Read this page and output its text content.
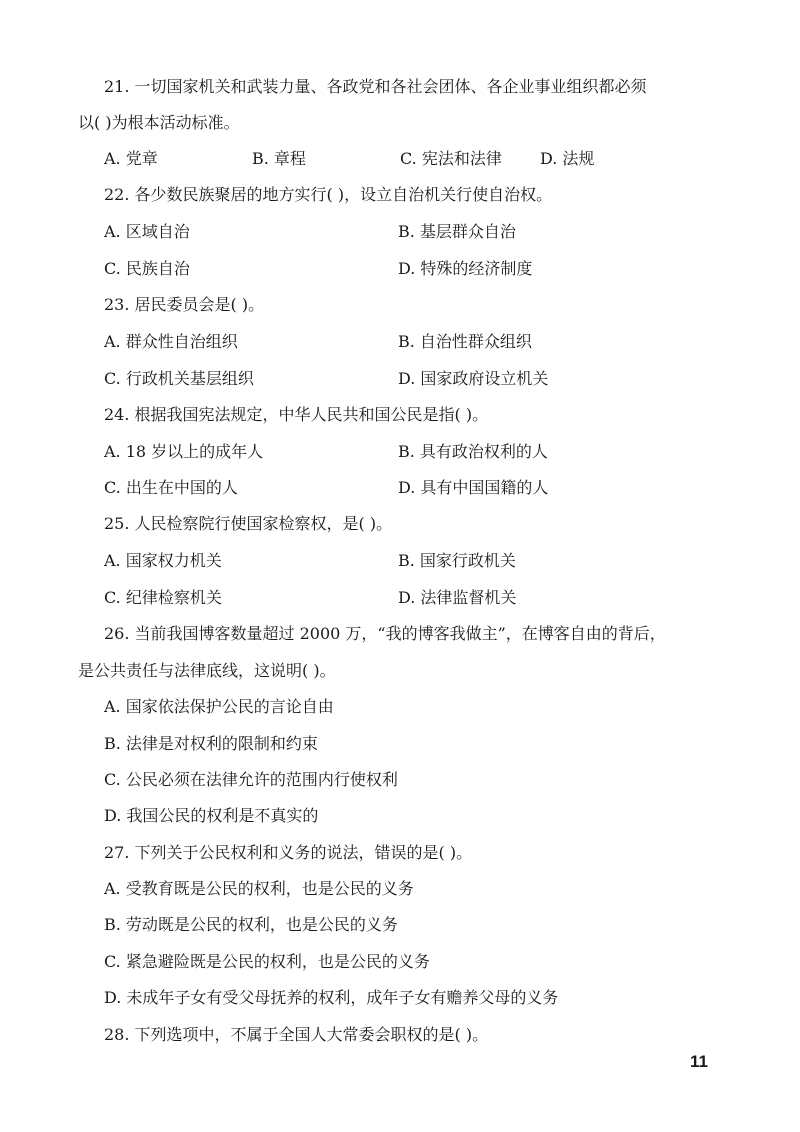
21. 一切国家机关和武装力量、各政党和各社会团体、各企业事业组织都必须
以( )为根本活动标准。
A. 党章	B. 章程	C. 宪法和法律 D. 法规
22. 各少数民族聚居的地方实行( )，设立自治机关行使自治权。
A. 区域自治	B. 基层群众自治
C. 民族自治	D. 特殊的经济制度
23. 居民委员会是( )。
A. 群众性自治组织	B. 自治性群众组织
C. 行政机关基层组织	D. 国家政府设立机关
24. 根据我国宪法规定，中华人民共和国公民是指( )。
A. 18 岁以上的成年人	B. 具有政治权利的人
C. 出生在中国的人	D. 具有中国国籍的人
25. 人民检察院行使国家检察权，是( )。
A. 国家权力机关	B. 国家行政机关
C. 纪律检察机关	D. 法律监督机关
26. 当前我国博客数量超过 2000 万，“我的博客我做主”，在博客自由的背后，
是公共责任与法律底线，这说明( )。
A. 国家依法保护公民的言论自由
B. 法律是对权利的限制和约束
C. 公民必须在法律允许的范围内行使权利
D. 我国公民的权利是不真实的
27. 下列关于公民权利和义务的说法，错误的是( )。
A. 受教育既是公民的权利，也是公民的义务
B. 劳动既是公民的权利，也是公民的义务
C. 紧急避险既是公民的权利，也是公民的义务
D. 未成年子女有受父母抚养的权利，成年子女有赡养父母的义务
28. 下列选项中，不属于全国人大常委会职权的是( )。
11
